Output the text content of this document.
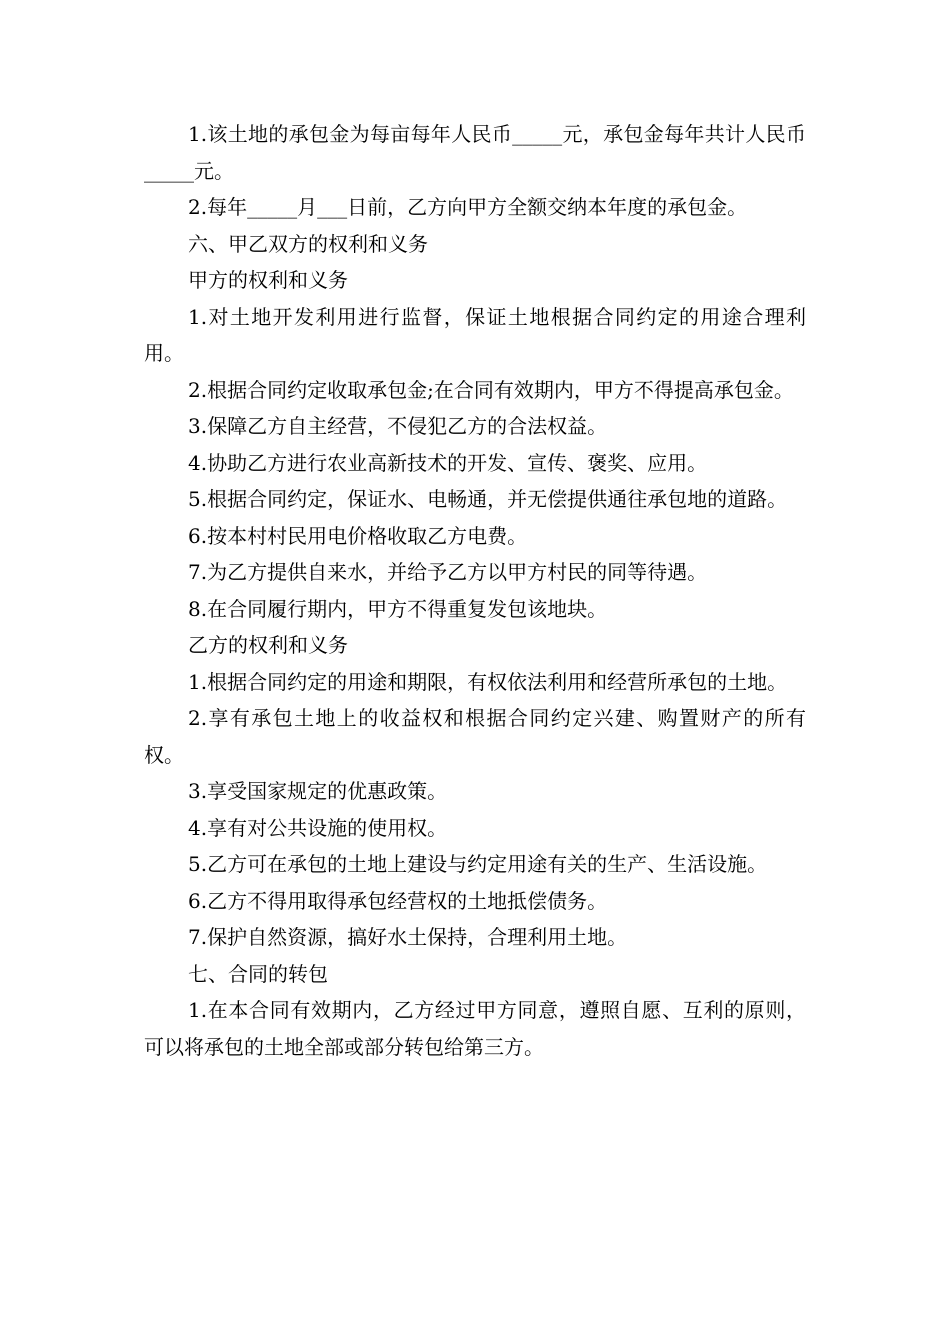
1.该土地的承包金为每亩每年人民币_____元，承包金每年共计人民币_____元。

2.每年_____月___日前，乙方向甲方全额交纳本年度的承包金。

六、甲乙双方的权利和义务

甲方的权利和义务

1.对土地开发利用进行监督，保证土地根据合同约定的用途合理利用。

2.根据合同约定收取承包金;在合同有效期内，甲方不得提高承包金。

3.保障乙方自主经营，不侵犯乙方的合法权益。

4.协助乙方进行农业高新技术的开发、宣传、褒奖、应用。

5.根据合同约定，保证水、电畅通，并无偿提供通往承包地的道路。

6.按本村村民用电价格收取乙方电费。

7.为乙方提供自来水，并给予乙方以甲方村民的同等待遇。

8.在合同履行期内，甲方不得重复发包该地块。

乙方的权利和义务

1.根据合同约定的用途和期限，有权依法利用和经营所承包的土地。

2.享有承包土地上的收益权和根据合同约定兴建、购置财产的所有权。

3.享受国家规定的优惠政策。

4.享有对公共设施的使用权。

5.乙方可在承包的土地上建设与约定用途有关的生产、生活设施。

6.乙方不得用取得承包经营权的土地抵偿债务。

7.保护自然资源，搞好水土保持，合理利用土地。

七、合同的转包

1.在本合同有效期内，乙方经过甲方同意，遵照自愿、互利的原则，可以将承包的土地全部或部分转包给第三方。
